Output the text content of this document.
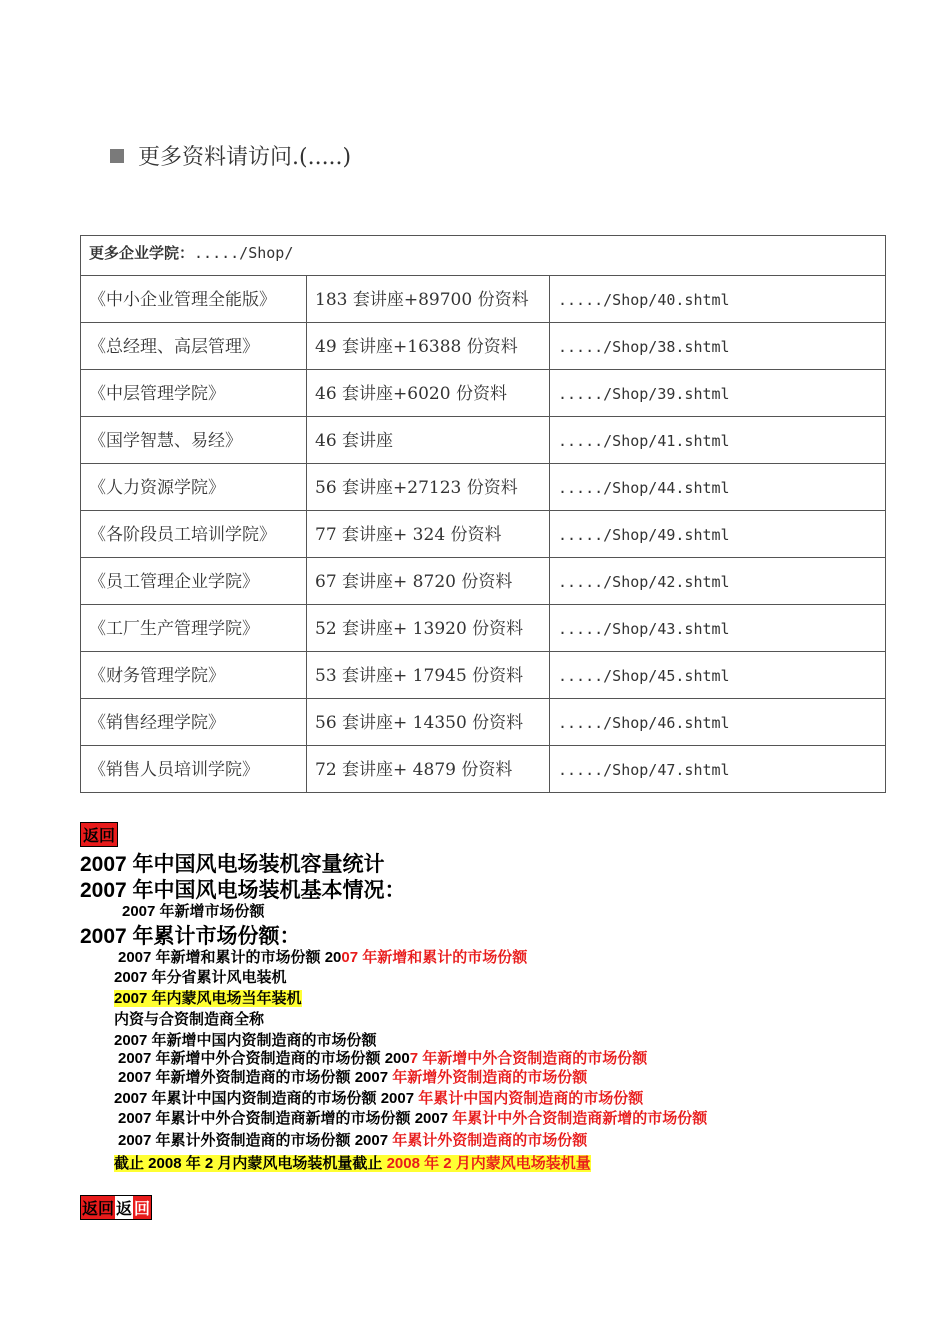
更多资料请访问.(.....)
更多企业学院：...../Shop/		
《中小企业管理全能版》	183 套讲座+89700 份资料	...../Shop/40.shtml
《总经理、高层管理》	49 套讲座+16388 份资料	...../Shop/38.shtml
《中层管理学院》	46 套讲座+6020 份资料	...../Shop/39.shtml
《国学智慧、易经》	46 套讲座	...../Shop/41.shtml
《人力资源学院》	56 套讲座+27123 份资料	...../Shop/44.shtml
《各阶段员工培训学院》	77 套讲座+ 324 份资料	...../Shop/49.shtml
《员工管理企业学院》	67 套讲座+ 8720 份资料	...../Shop/42.shtml
《工厂生产管理学院》	52 套讲座+ 13920 份资料	...../Shop/43.shtml
《财务管理学院》	53 套讲座+ 17945 份资料	...../Shop/45.shtml
《销售经理学院》	56 套讲座+ 14350 份资料	...../Shop/46.shtml
《销售人员培训学院》	72 套讲座+ 4879 份资料	...../Shop/47.shtml
返回
2007 年中国风电场装机容量统计
2007 年中国风电场装机基本情况：
2007 年新增市场份额
2007 年累计市场份额：
2007 年新增和累计的市场份额 2007 年新增和累计的市场份额
2007 年分省累计风电装机
2007 年内蒙风电场当年装机
内资与合资制造商全称
2007 年新增中国内资制造商的市场份额
2007 年新增中外合资制造商的市场份额 2007 年新增中外合资制造商的市场份额
2007 年新增外资制造商的市场份额 2007 年新增外资制造商的市场份额
2007 年累计中国内资制造商的市场份额 2007 年累计中国内资制造商的市场份额
2007 年累计中外合资制造商新增的市场份额 2007 年累计中外合资制造商新增的市场份额
2007 年累计外资制造商的市场份额 2007 年累计外资制造商的市场份额
截止 2008 年 2 月内蒙风电场装机量截止 2008 年 2 月内蒙风电场装机量
返回 返 回
